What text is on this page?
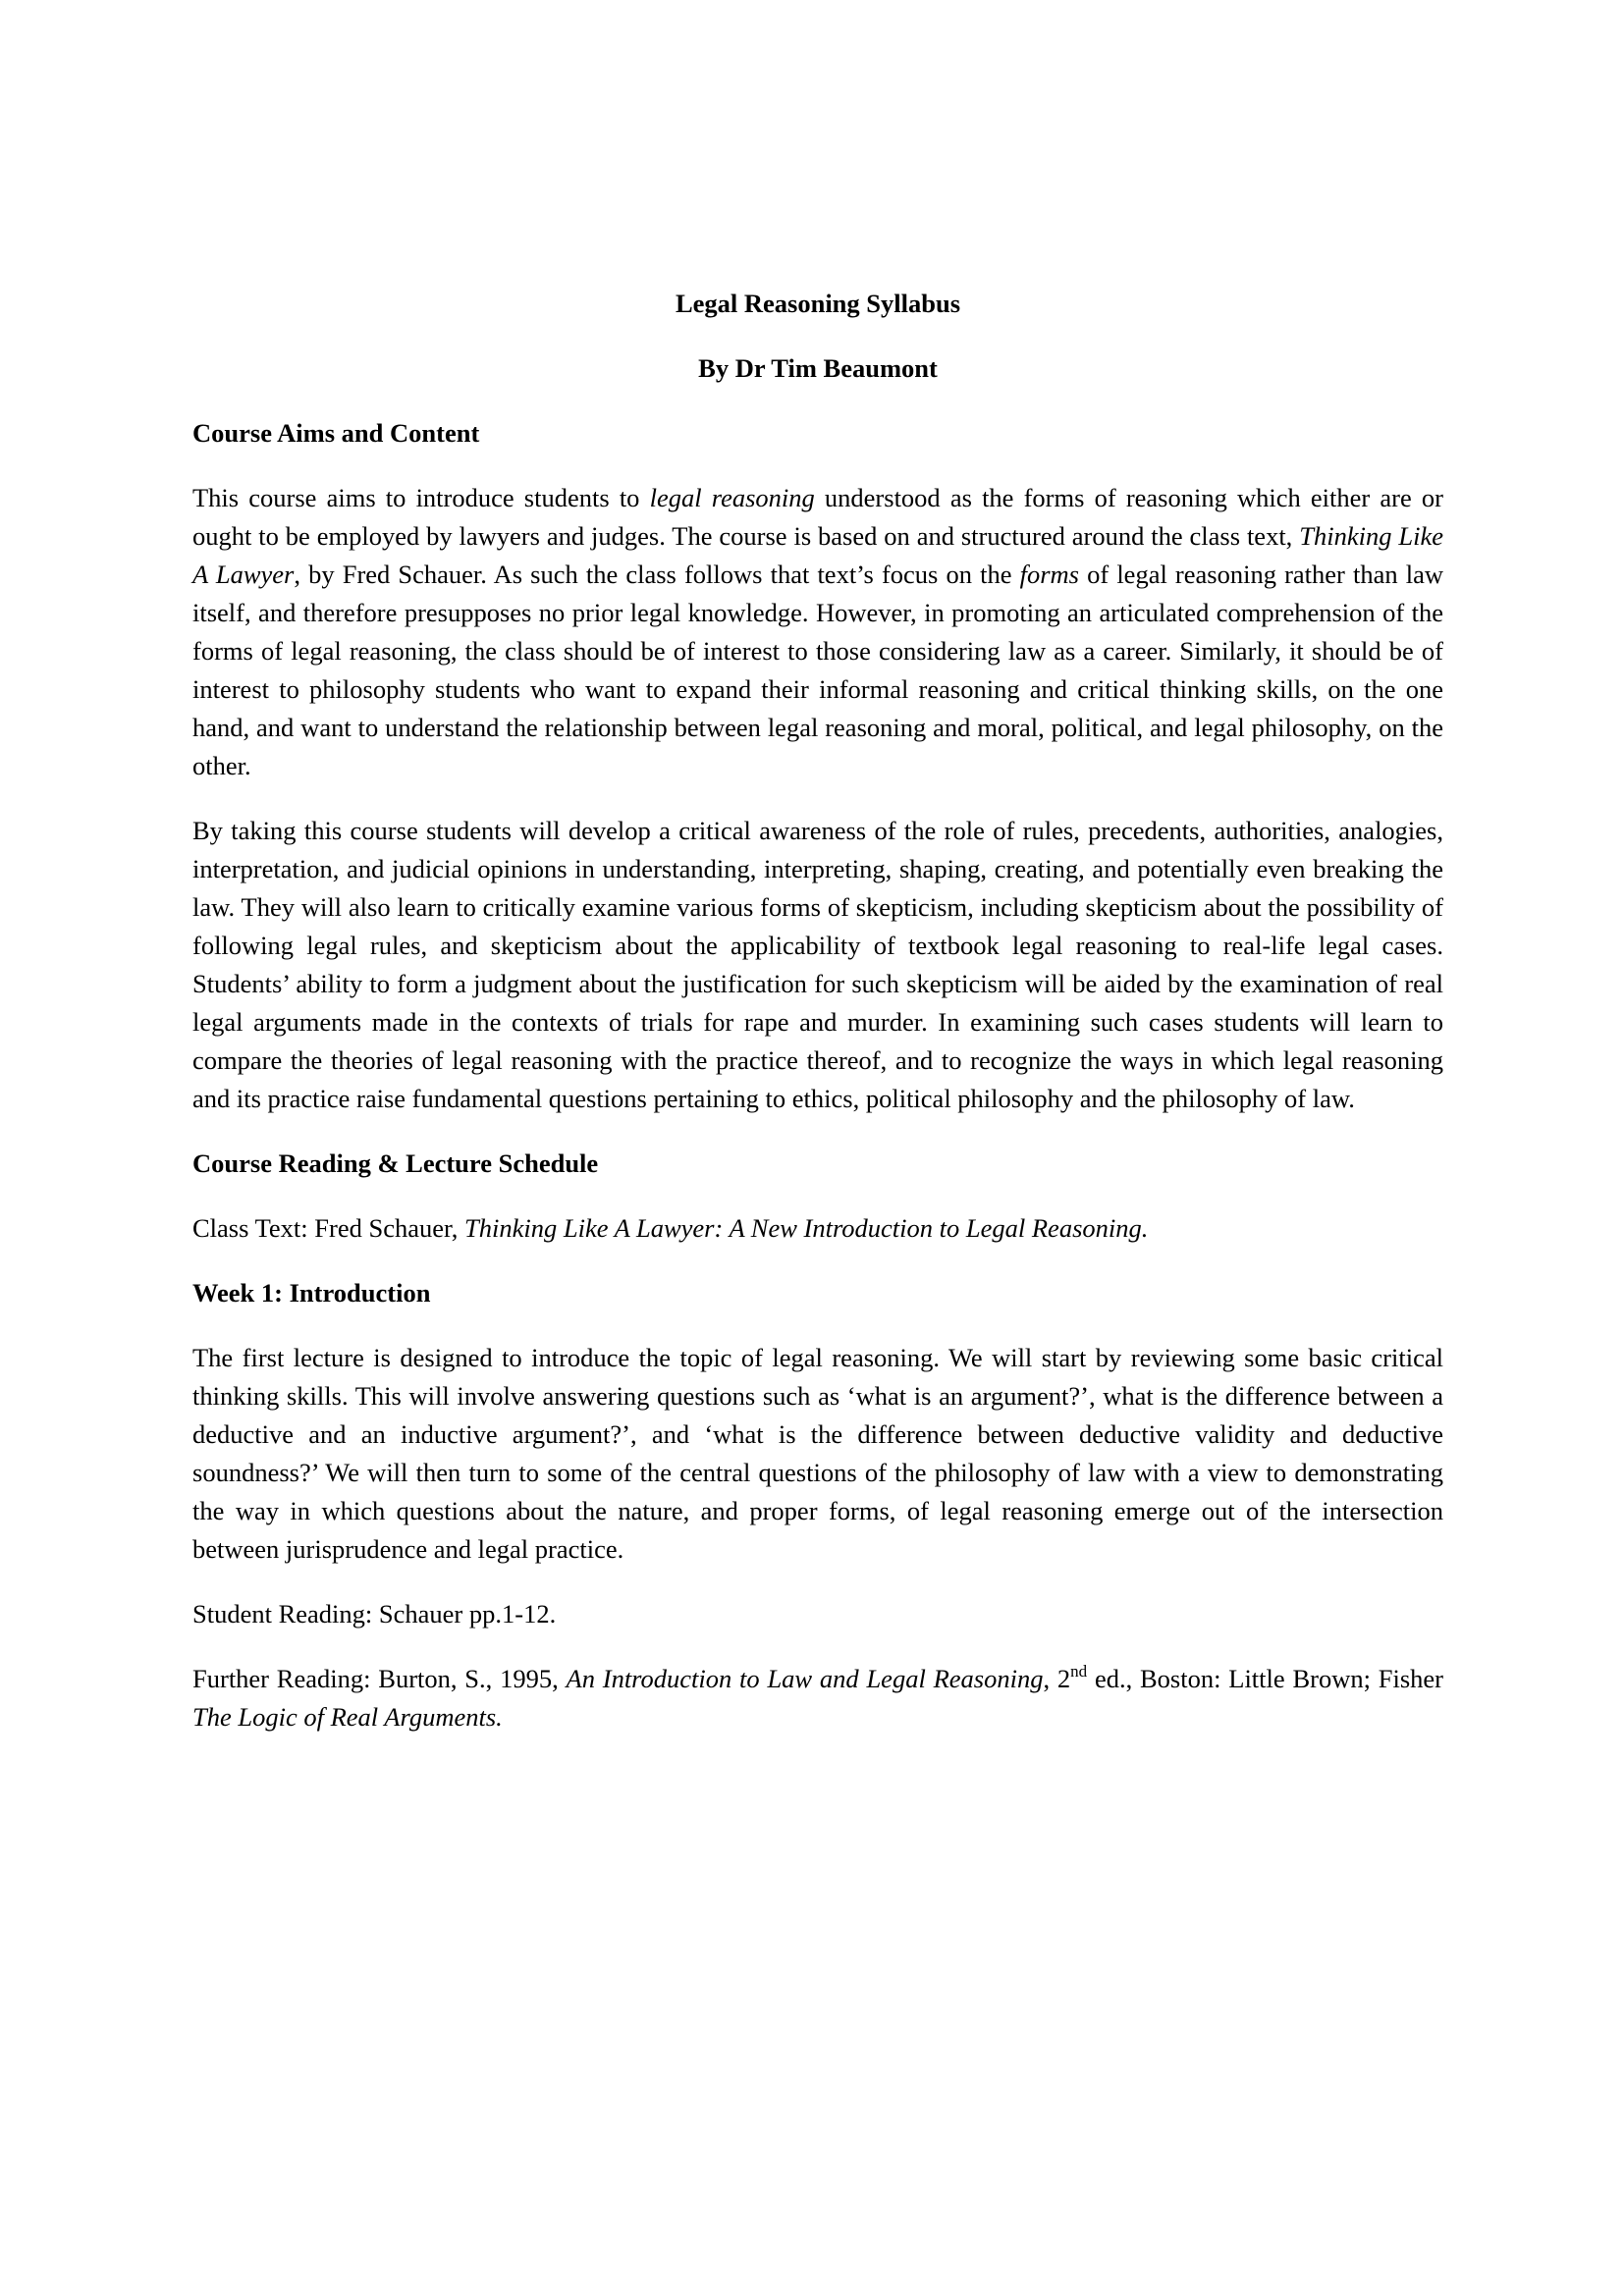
Legal Reasoning Syllabus
By Dr Tim Beaumont
Course Aims and Content

This course aims to introduce students to legal reasoning understood as the forms of reasoning which either are or ought to be employed by lawyers and judges. The course is based on and structured around the class text, Thinking Like A Lawyer, by Fred Schauer. As such the class follows that text’s focus on the forms of legal reasoning rather than law itself, and therefore presupposes no prior legal knowledge. However, in promoting an articulated comprehension of the forms of legal reasoning, the class should be of interest to those considering law as a career. Similarly, it should be of interest to philosophy students who want to expand their informal reasoning and critical thinking skills, on the one hand, and want to understand the relationship between legal reasoning and moral, political, and legal philosophy, on the other.

By taking this course students will develop a critical awareness of the role of rules, precedents, authorities, analogies, interpretation, and judicial opinions in understanding, interpreting, shaping, creating, and potentially even breaking the law. They will also learn to critically examine various forms of skepticism, including skepticism about the possibility of following legal rules, and skepticism about the applicability of textbook legal reasoning to real-life legal cases. Students’ ability to form a judgment about the justification for such skepticism will be aided by the examination of real legal arguments made in the contexts of trials for rape and murder. In examining such cases students will learn to compare the theories of legal reasoning with the practice thereof, and to recognize the ways in which legal reasoning and its practice raise fundamental questions pertaining to ethics, political philosophy and the philosophy of law.

Course Reading & Lecture Schedule

Class Text: Fred Schauer, Thinking Like A Lawyer: A New Introduction to Legal Reasoning.

Week 1: Introduction

The first lecture is designed to introduce the topic of legal reasoning. We will start by reviewing some basic critical thinking skills. This will involve answering questions such as ‘what is an argument?’, what is the difference between a deductive and an inductive argument?’, and ‘what is the difference between deductive validity and deductive soundness?’ We will then turn to some of the central questions of the philosophy of law with a view to demonstrating the way in which questions about the nature, and proper forms, of legal reasoning emerge out of the intersection between jurisprudence and legal practice.

Student Reading: Schauer pp.1-12.

Further Reading: Burton, S., 1995, An Introduction to Law and Legal Reasoning, 2nd ed., Boston: Little Brown; Fisher The Logic of Real Arguments.
